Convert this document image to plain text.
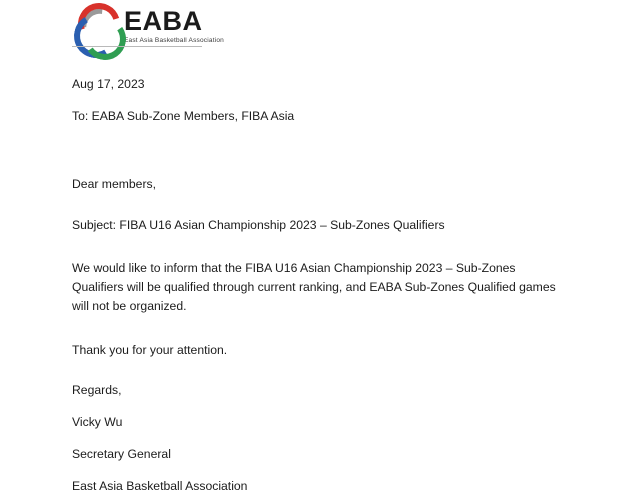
EABA
East Asia Basketball Association

Aug 17, 2023

To: EABA Sub-Zone Members, FIBA Asia

Dear members,

Subject: FIBA U16 Asian Championship 2023 – Sub-Zones Qualifiers

We would like to inform that the FIBA U16 Asian Championship 2023 – Sub-Zones Qualifiers will be qualified through current ranking, and EABA Sub-Zones Qualified games will not be organized.

Thank you for your attention.

Regards,

Vicky Wu

Secretary General

East Asia Basketball Association
